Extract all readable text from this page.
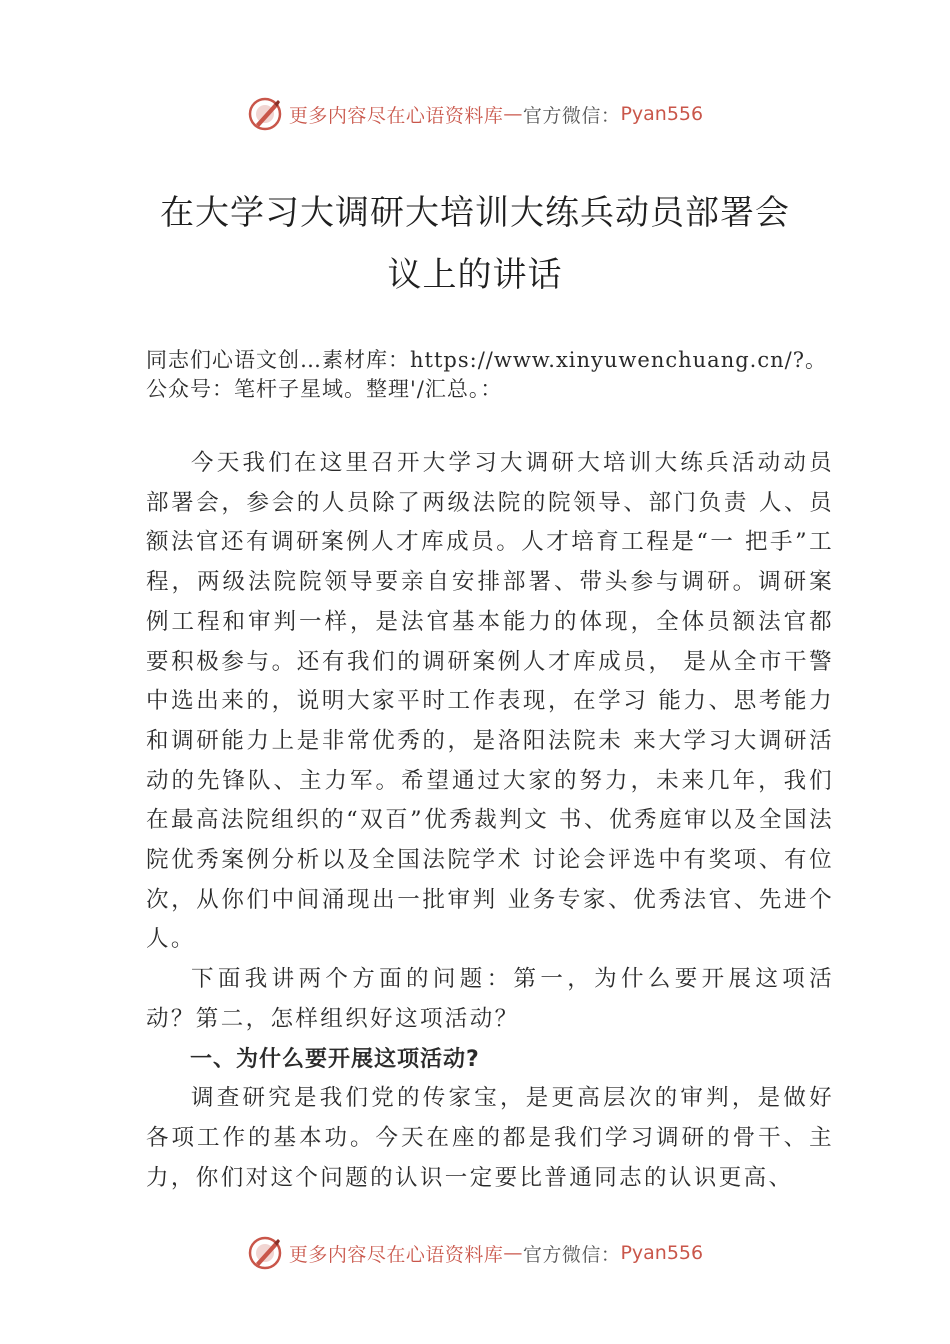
更多内容尽在心语资料库 — 官方微信： Pyan556
在大学习大调研大培训大练兵动员部署会
议上的讲话
同志们心语文创…素材库：https://www.xinyuwenchuang.cn/?。公众号：笔杆子星域。整理'/汇总。：

今天我们在这里召开大学习大调研大培训大练兵活动动员部署会，参会的人员除了两级法院的院领导、部门负责 人、员额法官还有调研案例人才库成员。人才培育工程是“一 把手”工程，两级法院院领导要亲自安排部署、带头参与调研。调研案例工程和审判一样，是法官基本能力的体现，全体员额法官都要积极参与。还有我们的调研案例人才库成员， 是从全市干警中选出来的，说明大家平时工作表现，在学习 能力、思考能力和调研能力上是非常优秀的，是洛阳法院未 来大学习大调研活动的先锋队、主力军。希望通过大家的努力，未来几年，我们在最高法院组织的“双百”优秀裁判文 书、优秀庭审以及全国法院优秀案例分析以及全国法院学术 讨论会评选中有奖项、有位次，从你们中间涌现出一批审判 业务专家、优秀法官、先进个人。

下面我讲两个方面的问题：第一，为什么要开展这项活动？第二，怎样组织好这项活动？

一、为什么要开展这项活动?

调查研究是我们党的传家宝，是更高层次的审判，是做好各项工作的基本功。今天在座的都是我们学习调研的骨干、主力，你们对这个问题的认识一定要比普通同志的认识更高、

更多内容尽在心语资料库 — 官方微信： Pyan556
